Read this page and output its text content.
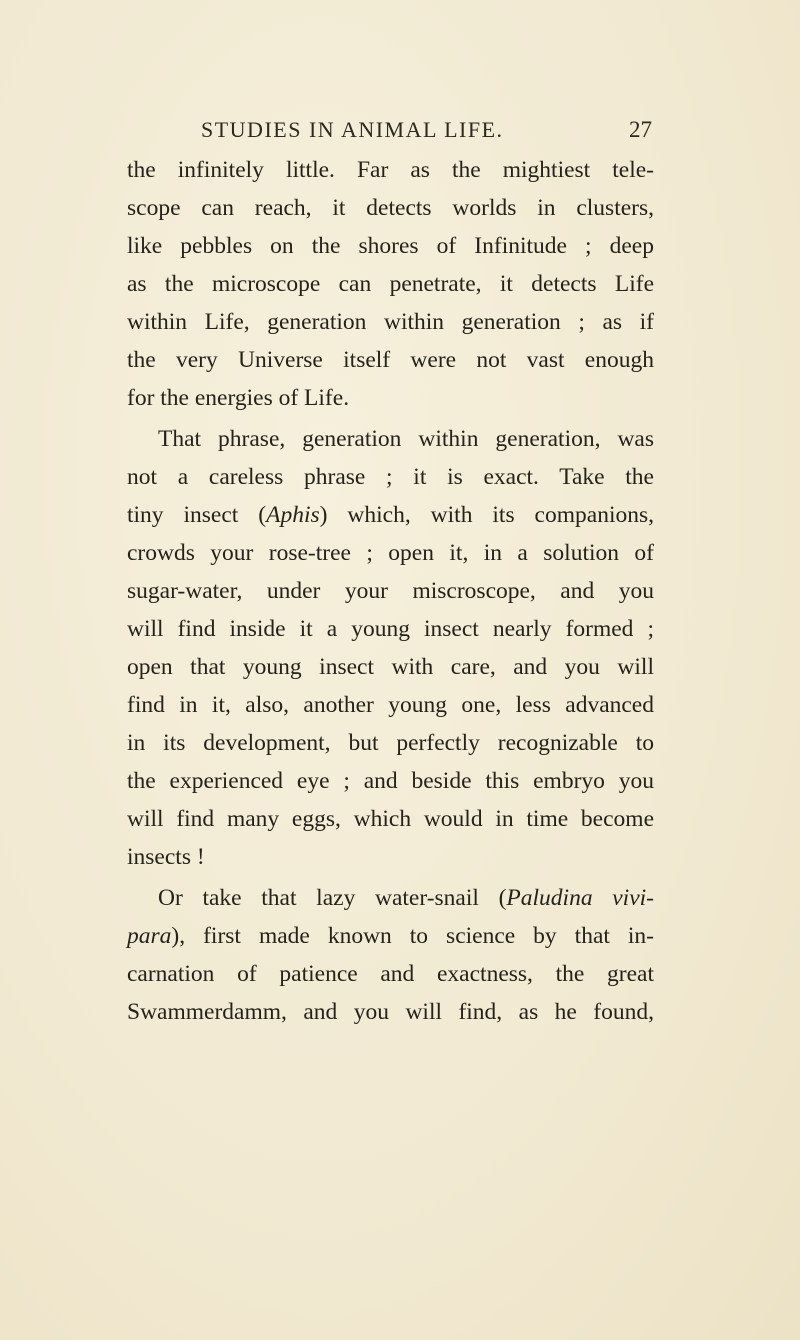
STUDIES IN ANIMAL LIFE.	27
the infinitely little. Far as the mightiest tele-
scope can reach, it detects worlds in clusters,
like pebbles on the shores of Infinitude ; deep
as the microscope can penetrate, it detects Life
within Life, generation within generation ; as if
the very Universe itself were not vast enough
for the energies of Life.
That phrase, generation within generation, was
not a careless phrase ; it is exact. Take the
tiny insect (Aphis) which, with its companions,
crowds your rose-tree ; open it, in a solution of
sugar-water, under your miscroscope, and you
will find inside it a young insect nearly formed ;
open that young insect with care, and you will
find in it, also, another young one, less advanced
in its development, but perfectly recognizable to
the experienced eye ; and beside this embryo you
will find many eggs, which would in time become
insects !
Or take that lazy water-snail (Paludina vivi-
para), first made known to science by that in-
carnation of patience and exactness, the great
Swammerdamm, and you will find, as he found,
